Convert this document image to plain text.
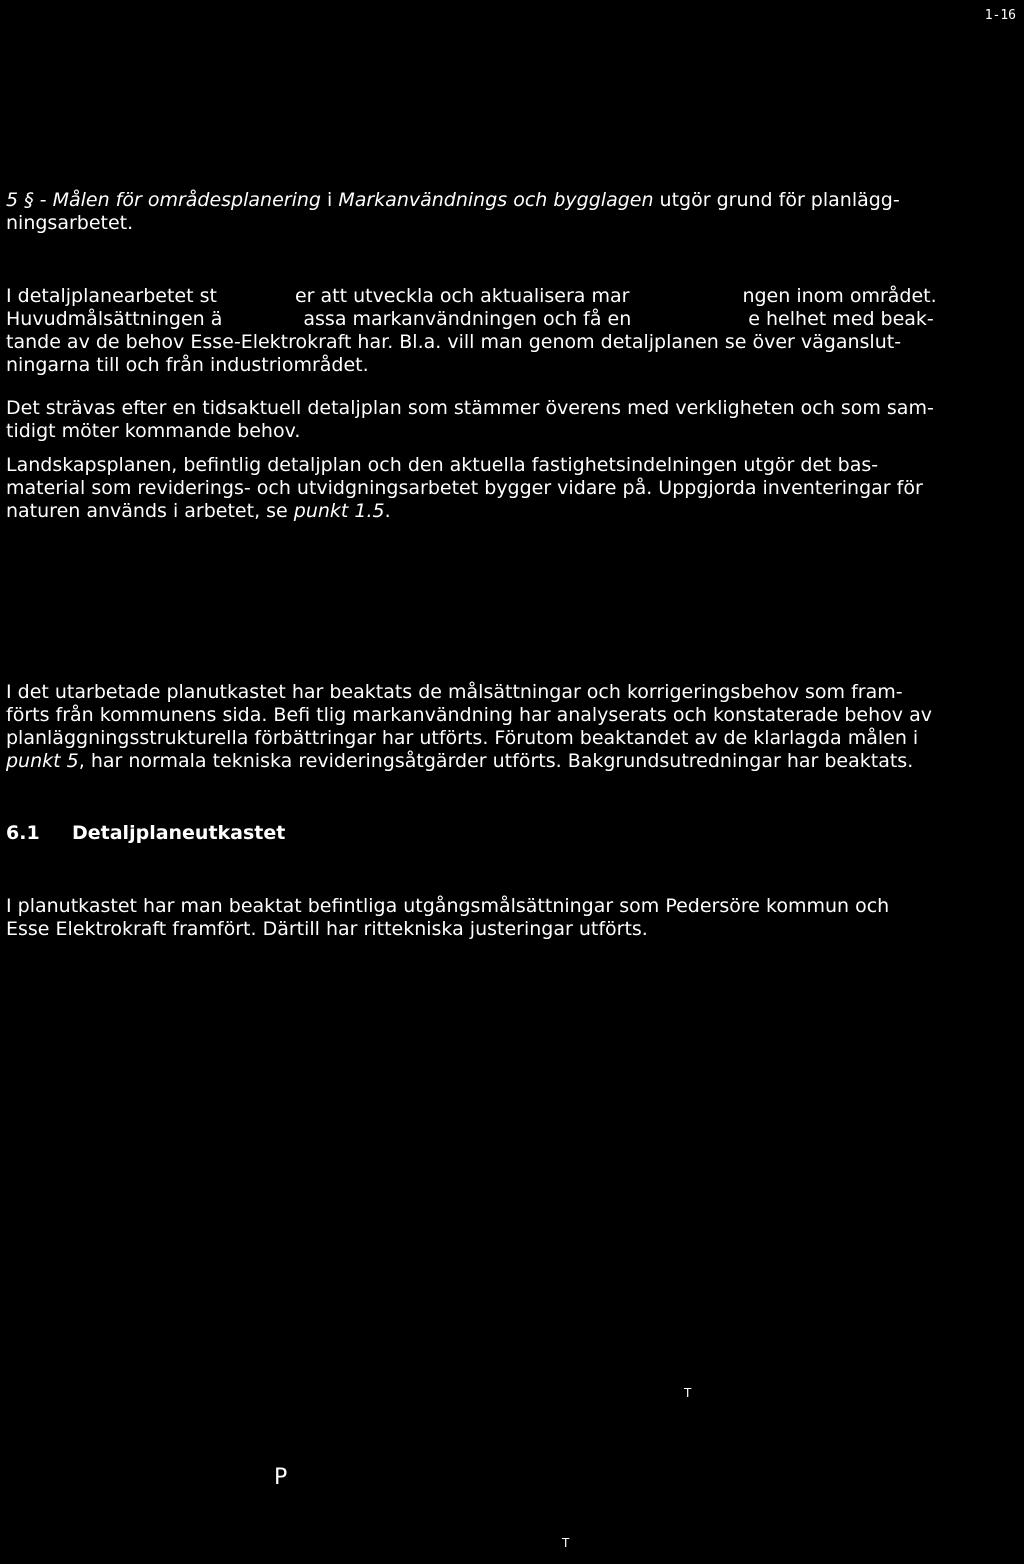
1-16
5 § - Målen för områdesplanering i Markanvändnings och bygglagen utgör grund för planlägg-
ningsarbetet.
I detaljplanearbetet st	er att utveckla och aktualisera mar	ngen inom området.
Huvudmålsättningen ä	assa markanvändningen och få en	e helhet med beak-
tande av de behov Esse-Elektrokraft har. Bl.a. vill man genom detaljplanen se över väganslut-
ningarna till och från industriområdet.
Det strävas efter en tidsaktuell detaljplan som stämmer överens med verkligheten och som sam-
tidigt möter kommande behov.
Landskapsplanen, befintlig detaljplan och den aktuella fastighetsindelningen utgör det bas-
material som reviderings- och utvidgningsarbetet bygger vidare på. Uppgjorda inventeringar för
naturen används i arbetet, se punkt 1.5.
I det utarbetade planutkastet har beaktats de målsättningar och korrigeringsbehov som fram-
förts från kommunens sida. Befi tlig markanvändning har analyserats och konstaterade behov av
planläggningsstrukturella förbättringar har utförts. Förutom beaktandet av de klarlagda målen i
punkt 5, har normala tekniska revideringsåtgärder utförts. Bakgrundsutredningar har beaktats.
6.1 Detaljplaneutkastet
I planutkastet har man beaktat befintliga utgångsmålsättningar som Pedersöre kommun och
Esse Elektrokraft framfört. Därtill har rittekniska justeringar utförts.
T
P
T
